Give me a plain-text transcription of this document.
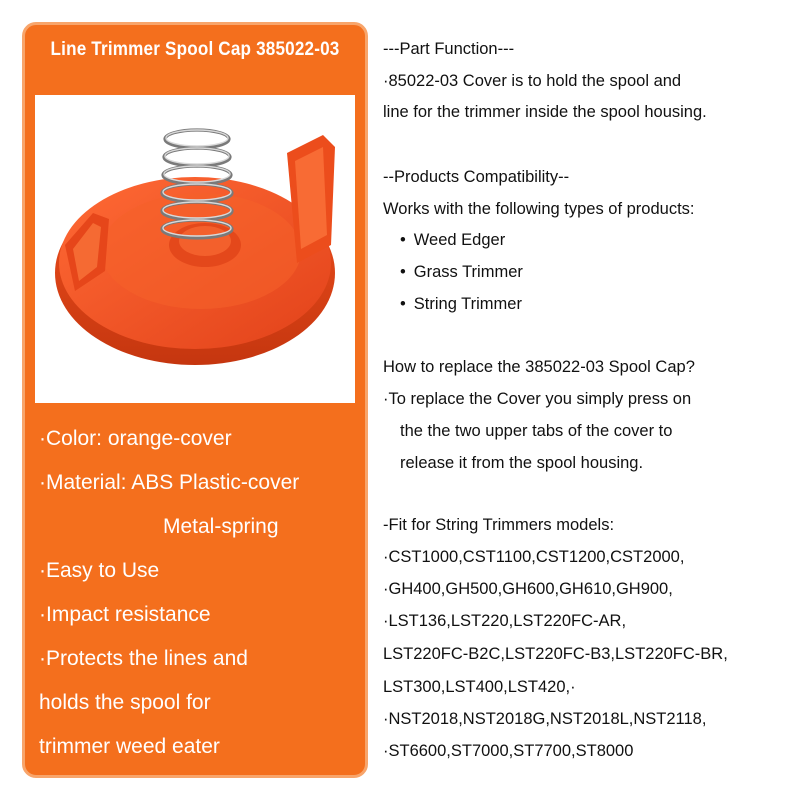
Line Trimmer Spool Cap 385022-03
·Color: orange-cover
·Material: ABS Plastic-cover
Metal-spring
·Easy to Use
·Impact resistance
·Protects the lines and
holds the spool for
trimmer weed eater
---Part Function---
·85022-03 Cover is to hold the spool and
line for the trimmer inside the spool housing.
--Products Compatibility--
Works with the following types of products:
• Weed Edger
• Grass Trimmer
• String Trimmer
How to replace the 385022-03 Spool Cap?
·To replace the Cover you simply press on
the the two upper tabs of the cover to
release it from the spool housing.
-Fit for String Trimmers models:
·CST1000,CST1100,CST1200,CST2000,
·GH400,GH500,GH600,GH610,GH900,
·LST136,LST220,LST220FC-AR,
LST220FC-B2C,LST220FC-B3,LST220FC-BR,
LST300,LST400,LST420,·
·NST2018,NST2018G,NST2018L,NST2118,
·ST6600,ST7000,ST7700,ST8000
